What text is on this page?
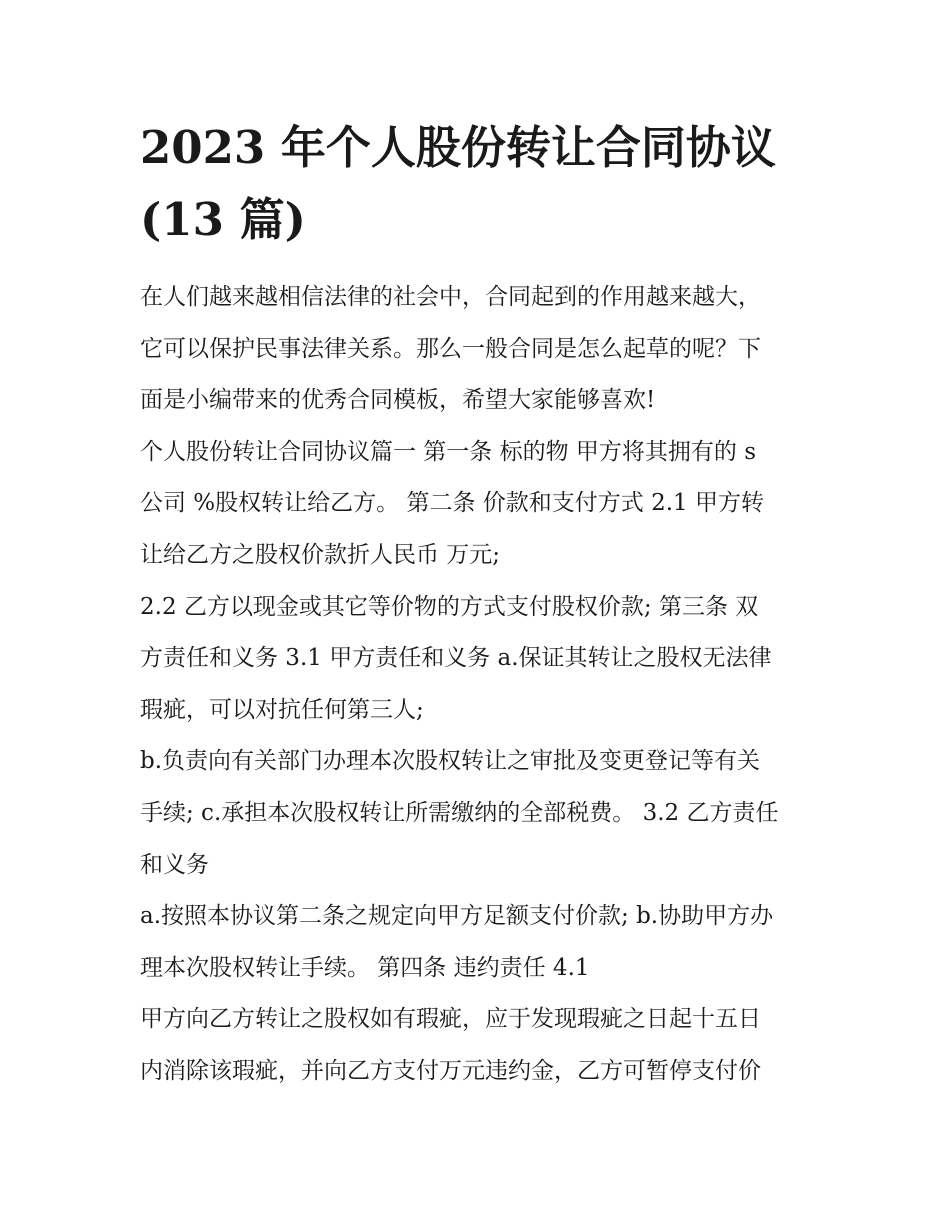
2023 年个人股份转让合同协议
(13 篇)

在人们越来越相信法律的社会中，合同起到的作用越来越大，
它可以保护民事法律关系。那么一般合同是怎么起草的呢？下
面是小编带来的优秀合同模板，希望大家能够喜欢!

个人股份转让合同协议篇一 第一条 标的物 甲方将其拥有的 s
公司 %股权转让给乙方。 第二条 价款和支付方式 2.1 甲方转
让给乙方之股权价款折人民币 万元;

2.2 乙方以现金或其它等价物的方式支付股权价款; 第三条 双
方责任和义务 3.1 甲方责任和义务 a.保证其转让之股权无法律
瑕疵，可以对抗任何第三人;

b.负责向有关部门办理本次股权转让之审批及变更登记等有关
手续; c.承担本次股权转让所需缴纳的全部税费。 3.2 乙方责任
和义务

a.按照本协议第二条之规定向甲方足额支付价款; b.协助甲方办
理本次股权转让手续。 第四条 违约责任 4.1

甲方向乙方转让之股权如有瑕疵，应于发现瑕疵之日起十五日
内消除该瑕疵，并向乙方支付万元违约金，乙方可暂停支付价
